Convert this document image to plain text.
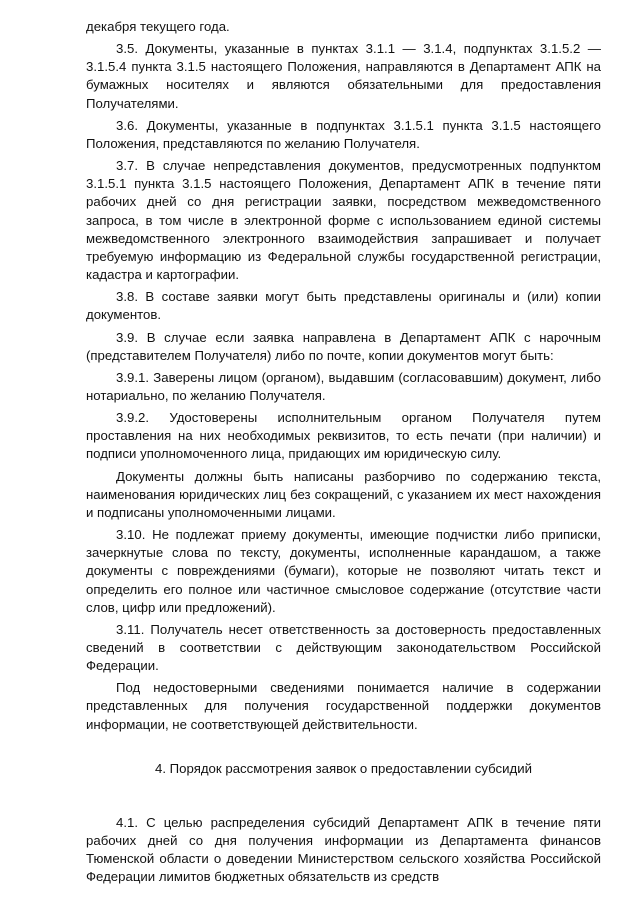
декабря текущего года.

3.5. Документы, указанные в пунктах 3.1.1 — 3.1.4, подпунктах 3.1.5.2 — 3.1.5.4 пункта 3.1.5 настоящего Положения, направляются в Департамент АПК на бумажных носителях и являются обязательными для предоставления Получателями.

3.6. Документы, указанные в подпунктах 3.1.5.1 пункта 3.1.5 настоящего Положения, представляются по желанию Получателя.

3.7. В случае непредставления документов, предусмотренных подпунктом 3.1.5.1 пункта 3.1.5 настоящего Положения, Департамент АПК в течение пяти рабочих дней со дня регистрации заявки, посредством межведомственного запроса, в том числе в электронной форме с использованием единой системы межведомственного электронного взаимодействия запрашивает и получает требуемую информацию из Федеральной службы государственной регистрации, кадастра и картографии.

3.8. В составе заявки могут быть представлены оригиналы и (или) копии документов.

3.9. В случае если заявка направлена в Департамент АПК с нарочным (представителем Получателя) либо по почте, копии документов могут быть:

3.9.1. Заверены лицом (органом), выдавшим (согласовавшим) документ, либо нотариально, по желанию Получателя.

3.9.2. Удостоверены исполнительным органом Получателя путем проставления на них необходимых реквизитов, то есть печати (при наличии) и подписи уполномоченного лица, придающих им юридическую силу.

Документы должны быть написаны разборчиво по содержанию текста, наименования юридических лиц без сокращений, с указанием их мест нахождения и подписаны уполномоченными лицами.

3.10. Не подлежат приему документы, имеющие подчистки либо приписки, зачеркнутые слова по тексту, документы, исполненные карандашом, а также документы с повреждениями (бумаги), которые не позволяют читать текст и определить его полное или частичное смысловое содержание (отсутствие части слов, цифр или предложений).

3.11. Получатель несет ответственность за достоверность предоставленных сведений в соответствии с действующим законодательством Российской Федерации.

Под недостоверными сведениями понимается наличие в содержании представленных для получения государственной поддержки документов информации, не соответствующей действительности.

4. Порядок рассмотрения заявок о предоставлении субсидий

4.1. С целью распределения субсидий Департамент АПК в течение пяти рабочих дней со дня получения информации из Департамента финансов Тюменской области о доведении Министерством сельского хозяйства Российской Федерации лимитов бюджетных обязательств из средств
